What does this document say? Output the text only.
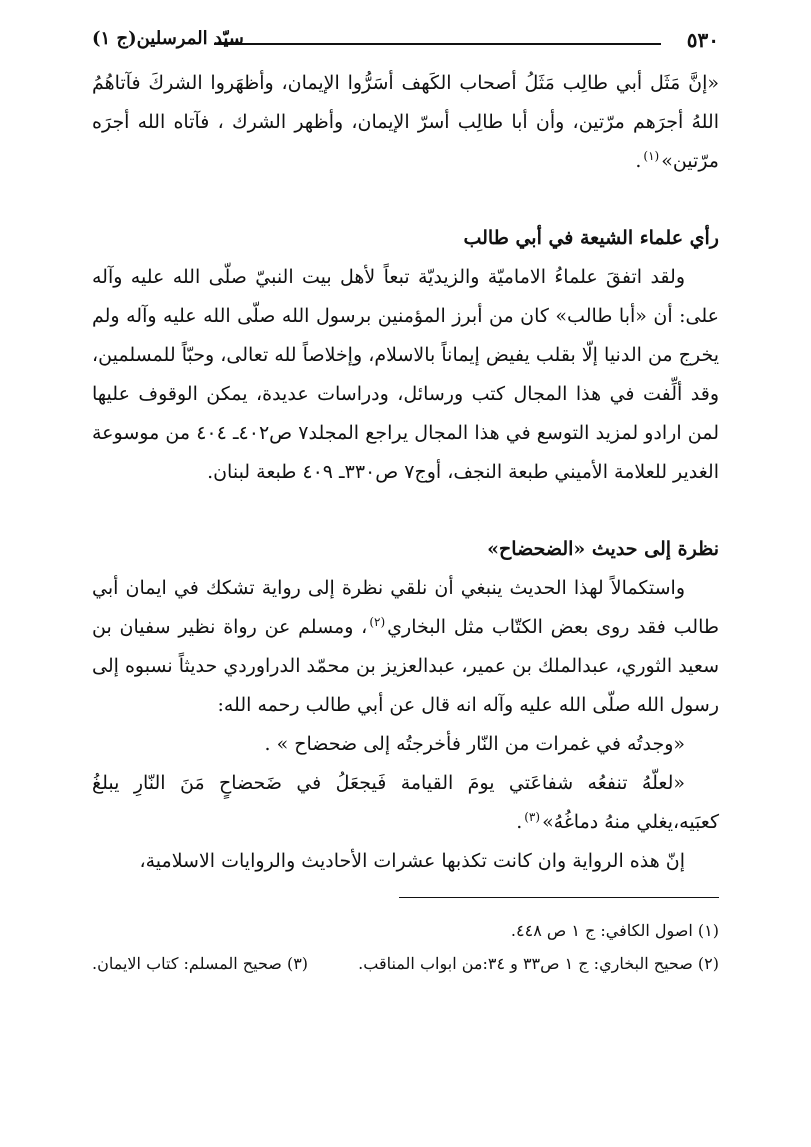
٥٣٠
سيّد المرسلين(ج ١)

«إنَّ مَثَل أبي طالِب مَثَلُ أصحاب الكَهف أسَرُّوا الإيمان، وأظهَروا الشركَ فآتاهُمُ اللهُ أجرَهم مرّتين، وأن أبا طالِب أسرّ الإيمان، وأظهر الشرك ، فآتاه الله أجرَه مرّتين»$^{(١)}$.

رأي علماء الشيعة في أبي طالب

ولقد اتفقَ علماءُ الاماميّة والزيديّة تبعاً لأهل بيت النبيّ صلّى الله عليه وآله على: أن «أبا طالب» كان من أبرز المؤمنين برسول الله صلّى الله عليه وآله ولم يخرج من الدنيا إلّا بقلب يفيض إيماناً بالاسلام، وإخلاصاً لله تعالى، وحبّاً للمسلمين، وقد ألِّفت في هذا المجال كتب ورسائل، ودراسات عديدة، يمكن الوقوف عليها لمن ارادو لمزيد التوسع في هذا المجال يراجع المجلد٧ ص٤٠٢ـ ٤٠٤ من موسوعة الغدير للعلامة الأميني طبعة النجف، أوج٧ ص٣٣٠ـ ٤٠٩ طبعة لبنان.

نظرة إلى حديث «الضحضاح»

واستكمالاً لهذا الحديث ينبغي أن نلقي نظرة إلى رواية تشكك في ايمان أبي طالب فقد روى بعض الكتّاب مثل البخاري$^{(٢)}$، ومسلم عن رواة نظير سفيان بن سعيد الثوري، عبدالملك بن عمير، عبدالعزيز بن محمّد الدراوردي حديثاً نسبوه إلى رسول الله صلّى الله عليه وآله انه قال عن أبي طالب رحمه الله:

«وجدتُه في غمرات من النّار فأخرجتُه إلى ضحضاح » .

«لعلّهُ تنفعُه شفاعَتي يومَ القيامة فَيجعَلُ في ضَحضاحٍ مَنَ النّارِ يبلغُ كعبَيه،يغلي منهُ دماغُهُ»$^{(٣)}$.

إنّ هذه الرواية وان كانت تكذبها عشرات الأحاديث والروايات الاسلامية،

(١) اصول الكافي: ج ١ ص ٤٤٨.
(٢) صحيح البخاري: ج ١ ص٣٣ و ٣٤:من ابواب المناقب.
(٣) صحيح المسلم: كتاب الايمان.
